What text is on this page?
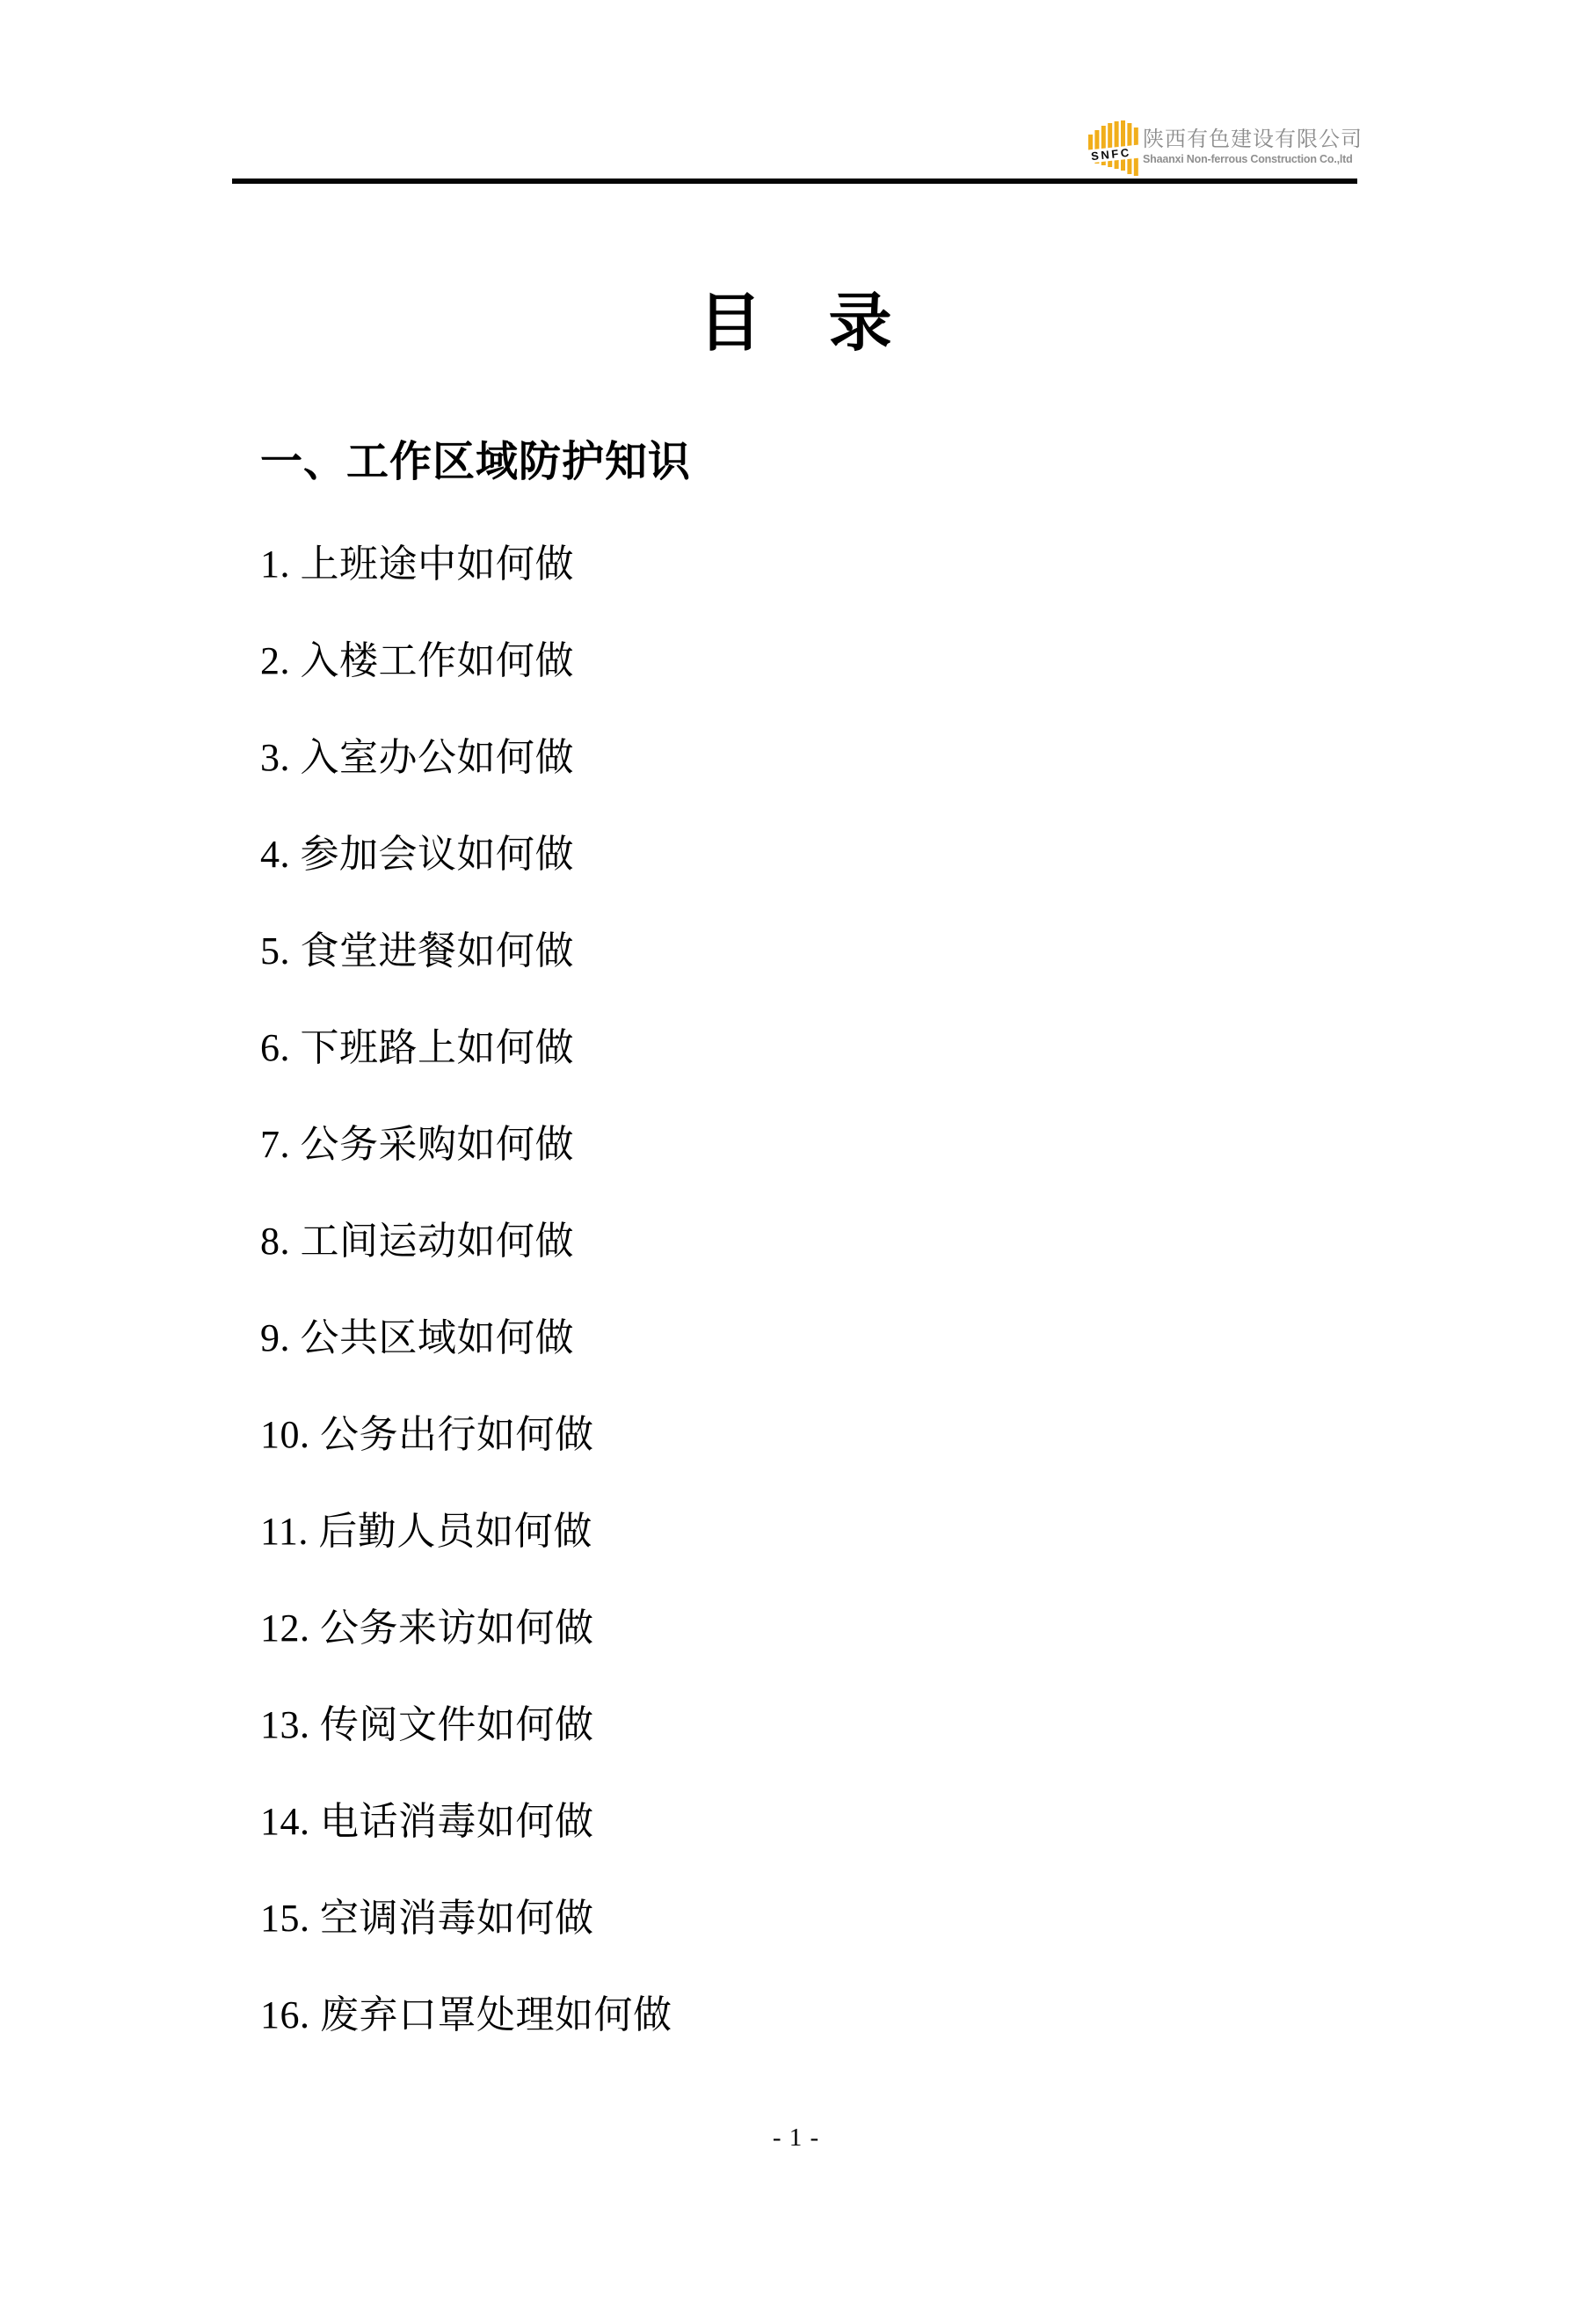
SNFC
陕西有色建设有限公司
Shaanxi Non-ferrous Construction Co.,ltd
目　录
一、工作区域防护知识
1. 上班途中如何做
2. 入楼工作如何做
3. 入室办公如何做
4. 参加会议如何做
5. 食堂进餐如何做
6. 下班路上如何做
7. 公务采购如何做
8. 工间运动如何做
9. 公共区域如何做
10. 公务出行如何做
11. 后勤人员如何做
12. 公务来访如何做
13. 传阅文件如何做
14. 电话消毒如何做
15. 空调消毒如何做
16. 废弃口罩处理如何做
- 1 -
